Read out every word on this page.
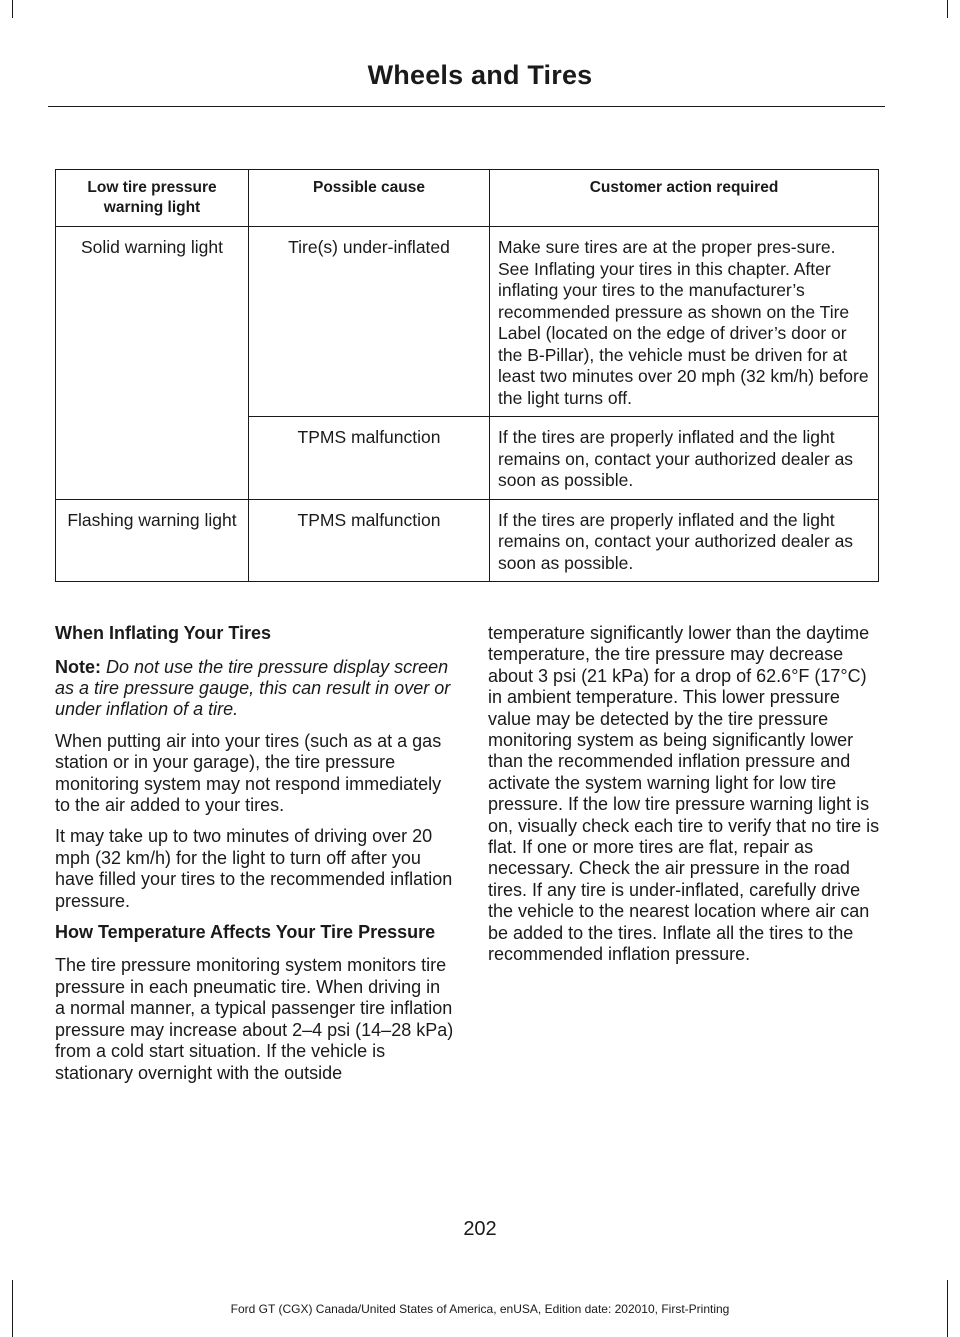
Wheels and Tires
Low tire pressure warning light	Possible cause	Customer action required
Solid warning light	Tire(s) under-inflated	Make sure tires are at the proper pres-sure. See Inflating your tires in this chapter. After inflating your tires to the manufacturer’s recommended pressure as shown on the Tire Label (located on the edge of driver’s door or the B-Pillar), the vehicle must be driven for at least two minutes over 20 mph (32 km/h) before the light turns off.
	TPMS malfunction	If the tires are properly inflated and the light remains on, contact your authorized dealer as soon as possible.
Flashing warning light	TPMS malfunction	If the tires are properly inflated and the light remains on, contact your authorized dealer as soon as possible.
When Inflating Your Tires

Note: Do not use the tire pressure display screen as a tire pressure gauge, this can result in over or under inflation of a tire.

When putting air into your tires (such as at a gas station or in your garage), the tire pressure monitoring system may not respond immediately to the air added to your tires.

It may take up to two minutes of driving over 20 mph (32 km/h) for the light to turn off after you have filled your tires to the recommended inflation pressure.

How Temperature Affects Your Tire Pressure

The tire pressure monitoring system monitors tire pressure in each pneumatic tire. When driving in a normal manner, a typical passenger tire inflation pressure may increase about 2–4 psi (14–28 kPa) from a cold start situation. If the vehicle is stationary overnight with the outside

temperature significantly lower than the daytime temperature, the tire pressure may decrease about 3 psi (21 kPa) for a drop of 62.6°F (17°C) in ambient temperature. This lower pressure value may be detected by the tire pressure monitoring system as being significantly lower than the recommended inflation pressure and activate the system warning light for low tire pressure. If the low tire pressure warning light is on, visually check each tire to verify that no tire is flat. If one or more tires are flat, repair as necessary. Check the air pressure in the road tires. If any tire is under-inflated, carefully drive the vehicle to the nearest location where air can be added to the tires. Inflate all the tires to the recommended inflation pressure.

202
Ford GT (CGX) Canada/United States of America, enUSA, Edition date: 202010, First-Printing
